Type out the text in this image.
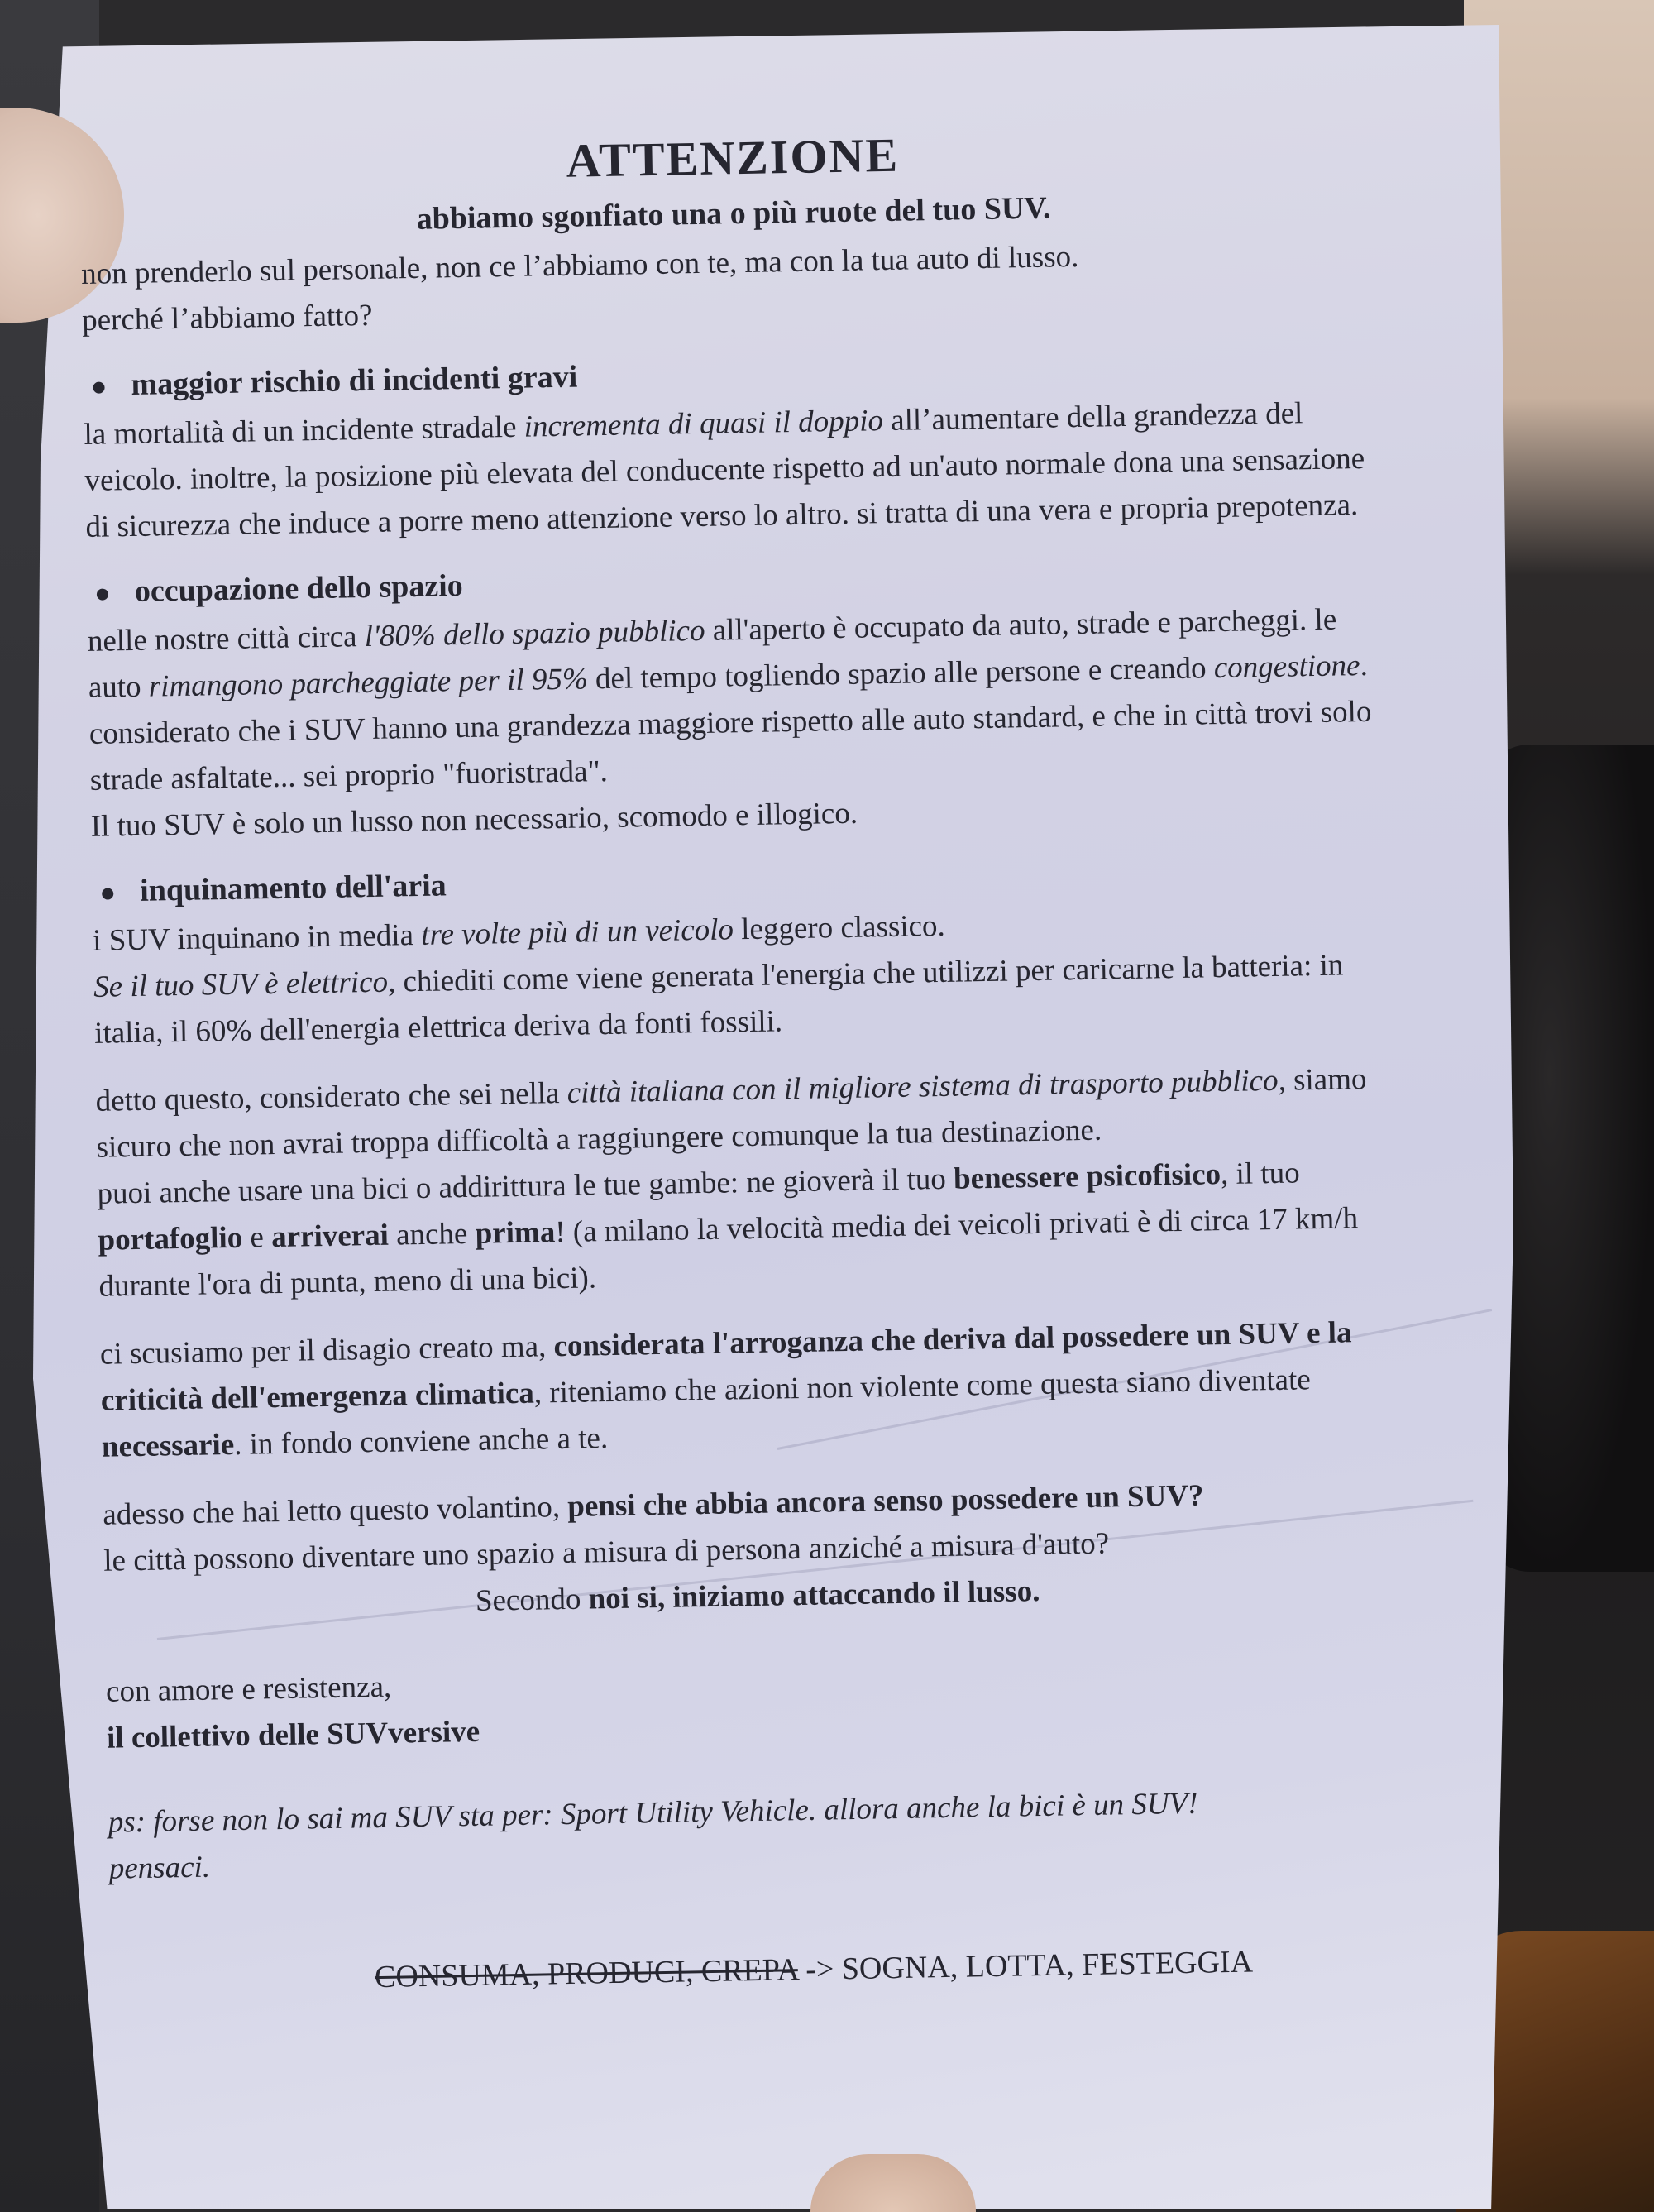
ATTENZIONE
abbiamo sgonfiato una o più ruote del tuo SUV.

non prenderlo sul personale, non ce l’abbiamo con te, ma con la tua auto di lusso.

perché l’abbiamo fatto?

maggior rischio di incidenti gravi

la mortalità di un incidente stradale incrementa di quasi il doppio all’aumentare della grandezza del veicolo. inoltre, la posizione più elevata del conducente rispetto ad un'auto normale dona una sensazione di sicurezza che induce a porre meno attenzione verso lo altro. si tratta di una vera e propria prepotenza.

occupazione dello spazio

nelle nostre città circa l'80% dello spazio pubblico all'aperto è occupato da auto, strade e parcheggi. le auto rimangono parcheggiate per il 95% del tempo togliendo spazio alle persone e creando congestione. considerato che i SUV hanno una grandezza maggiore rispetto alle auto standard, e che in città trovi solo strade asfaltate... sei proprio "fuoristrada".

Il tuo SUV è solo un lusso non necessario, scomodo e illogico.

inquinamento dell'aria

i SUV inquinano in media tre volte più di un veicolo leggero classico.
Se il tuo SUV è elettrico, chiediti come viene generata l'energia che utilizzi per caricarne la batteria: in italia, il 60% dell'energia elettrica deriva da fonti fossili.

detto questo, considerato che sei nella città italiana con il migliore sistema di trasporto pubblico, siamo sicuro che non avrai troppa difficoltà a raggiungere comunque la tua destinazione.

puoi anche usare una bici o addirittura le tue gambe: ne gioverà il tuo benessere psicofisico, il tuo portafoglio e arriverai anche prima! (a milano la velocità media dei veicoli privati è di circa 17 km/h durante l'ora di punta, meno di una bici).

ci scusiamo per il disagio creato ma, considerata l'arroganza che deriva dal possedere un SUV e la criticità dell'emergenza climatica, riteniamo che azioni non violente come questa siano diventate necessarie. in fondo conviene anche a te.

adesso che hai letto questo volantino, pensi che abbia ancora senso possedere un SUV?
le città possono diventare uno spazio a misura di persona anziché a misura d'auto?

Secondo noi si, iniziamo attaccando il lusso.

con amore e resistenza,

il collettivo delle SUVversive

ps: forse non lo sai ma SUV sta per: Sport Utility Vehicle. allora anche la bici è un SUV!

pensaci.

CONSUMA, PRODUCI, CREPA -> SOGNA, LOTTA, FESTEGGIA
